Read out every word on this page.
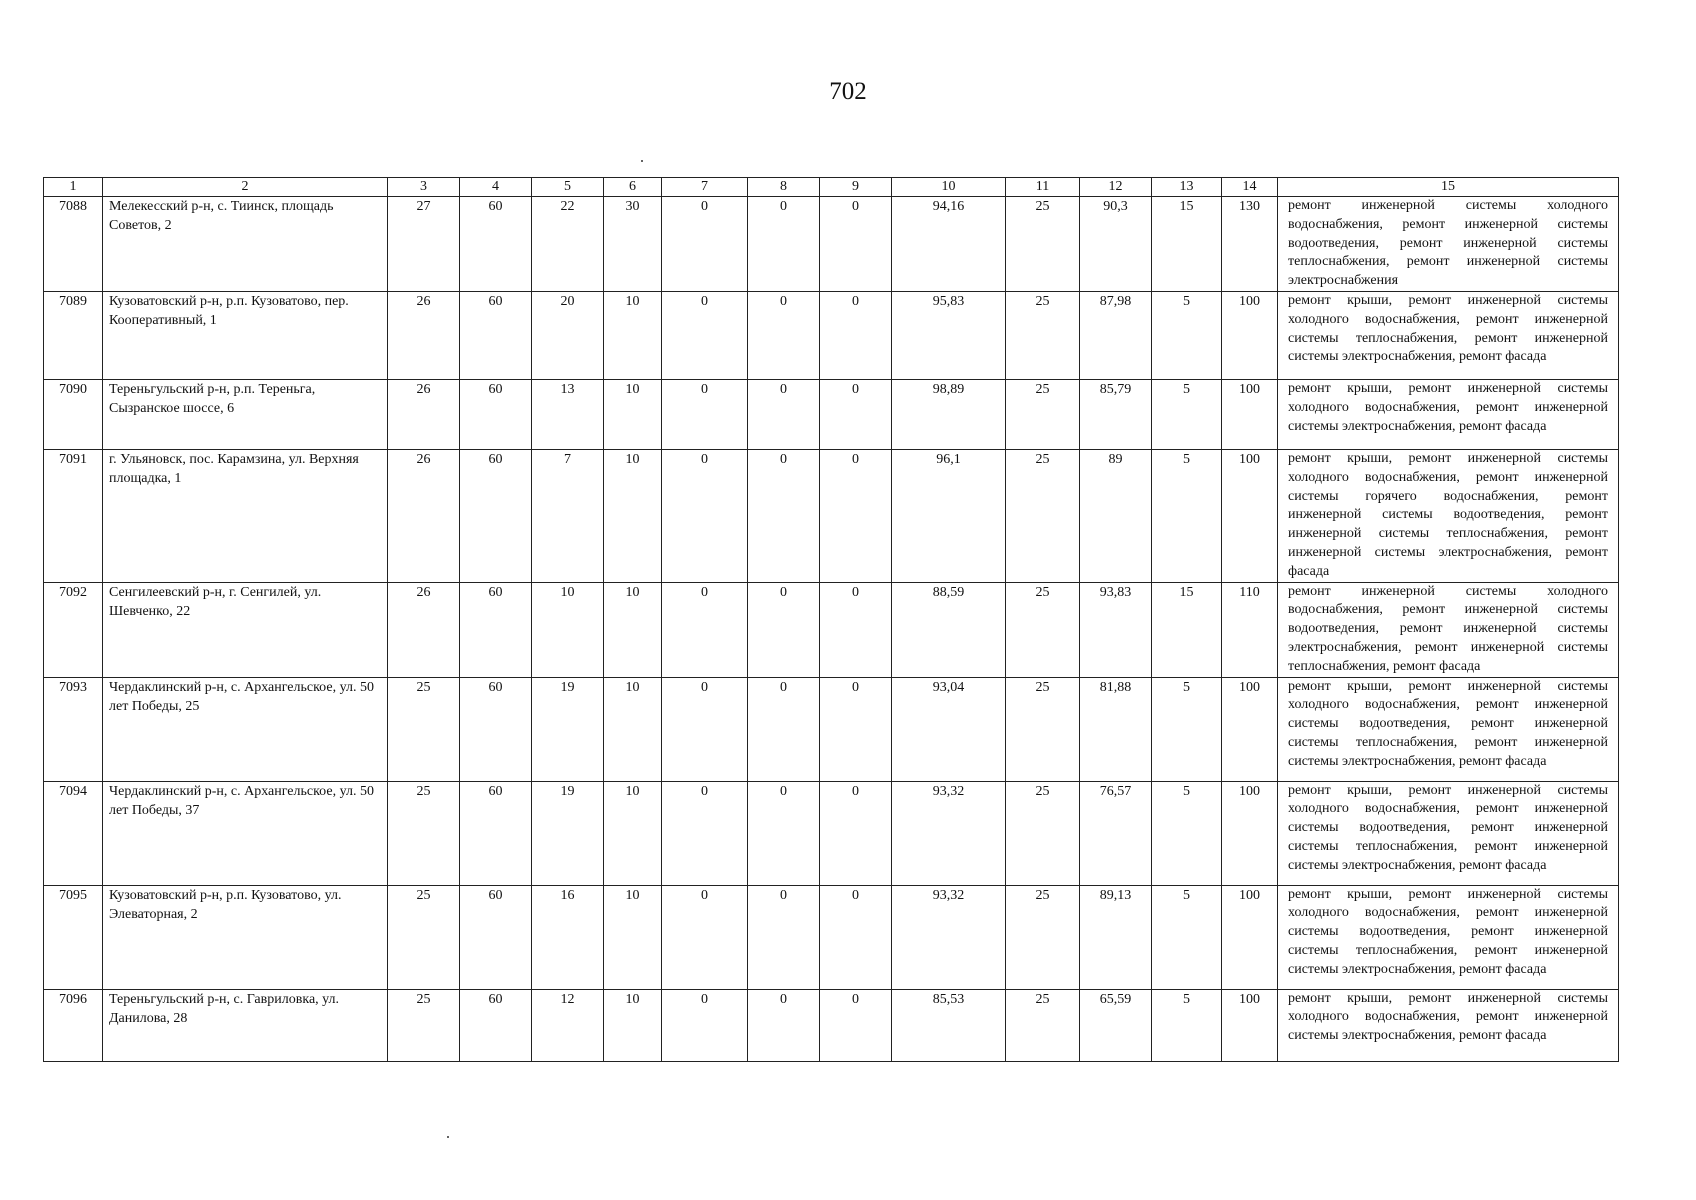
702
1	2	3	4	5	6	7	8	9	10	11	12	13	14	15
7088	Мелекесский р-н, с. Тиинск, площадь Советов, 2	27	60	22	30	0	0	0	94,16	25	90,3	15	130	ремонт инженерной системы холодного водоснабжения, ремонт инженерной системы водоотведения, ремонт инженерной системы теплоснабжения, ремонт инженерной системы электроснабжения
7089	Кузоватовский р-н, р.п. Кузоватово, пер. Кооперативный, 1	26	60	20	10	0	0	0	95,83	25	87,98	5	100	ремонт крыши, ремонт инженерной системы холодного водоснабжения, ремонт инженерной системы теплоснабжения, ремонт инженерной системы электроснабжения, ремонт фасада
7090	Тереньгульский р-н, р.п. Тереньга, Сызранское шоссе, 6	26	60	13	10	0	0	0	98,89	25	85,79	5	100	ремонт крыши, ремонт инженерной системы холодного водоснабжения, ремонт инженерной системы электроснабжения, ремонт фасада
7091	г. Ульяновск, пос. Карамзина, ул. Верхняя площадка, 1	26	60	7	10	0	0	0	96,1	25	89	5	100	ремонт крыши, ремонт инженерной системы холодного водоснабжения, ремонт инженерной системы горячего водоснабжения, ремонт инженерной системы водоотведения, ремонт инженерной системы теплоснабжения, ремонт инженерной системы электроснабжения, ремонт фасада
7092	Сенгилеевский р-н, г. Сенгилей, ул. Шевченко, 22	26	60	10	10	0	0	0	88,59	25	93,83	15	110	ремонт инженерной системы холодного водоснабжения, ремонт инженерной системы водоотведения, ремонт инженерной системы электроснабжения, ремонт инженерной системы теплоснабжения, ремонт фасада
7093	Чердаклинский р-н, с. Архангельское, ул. 50 лет Победы, 25	25	60	19	10	0	0	0	93,04	25	81,88	5	100	ремонт крыши, ремонт инженерной системы холодного водоснабжения, ремонт инженерной системы водоотведения, ремонт инженерной системы теплоснабжения, ремонт инженерной системы электроснабжения, ремонт фасада
7094	Чердаклинский р-н, с. Архангельское, ул. 50 лет Победы, 37	25	60	19	10	0	0	0	93,32	25	76,57	5	100	ремонт крыши, ремонт инженерной системы холодного водоснабжения, ремонт инженерной системы водоотведения, ремонт инженерной системы теплоснабжения, ремонт инженерной системы электроснабжения, ремонт фасада
7095	Кузоватовский р-н, р.п. Кузоватово, ул. Элеваторная, 2	25	60	16	10	0	0	0	93,32	25	89,13	5	100	ремонт крыши, ремонт инженерной системы холодного водоснабжения, ремонт инженерной системы водоотведения, ремонт инженерной системы теплоснабжения, ремонт инженерной системы электроснабжения, ремонт фасада
7096	Тереньгульский р-н, с. Гавриловка, ул. Данилова, 28	25	60	12	10	0	0	0	85,53	25	65,59	5	100	ремонт крыши, ремонт инженерной системы холодного водоснабжения, ремонт инженерной системы электроснабжения, ремонт фасада
